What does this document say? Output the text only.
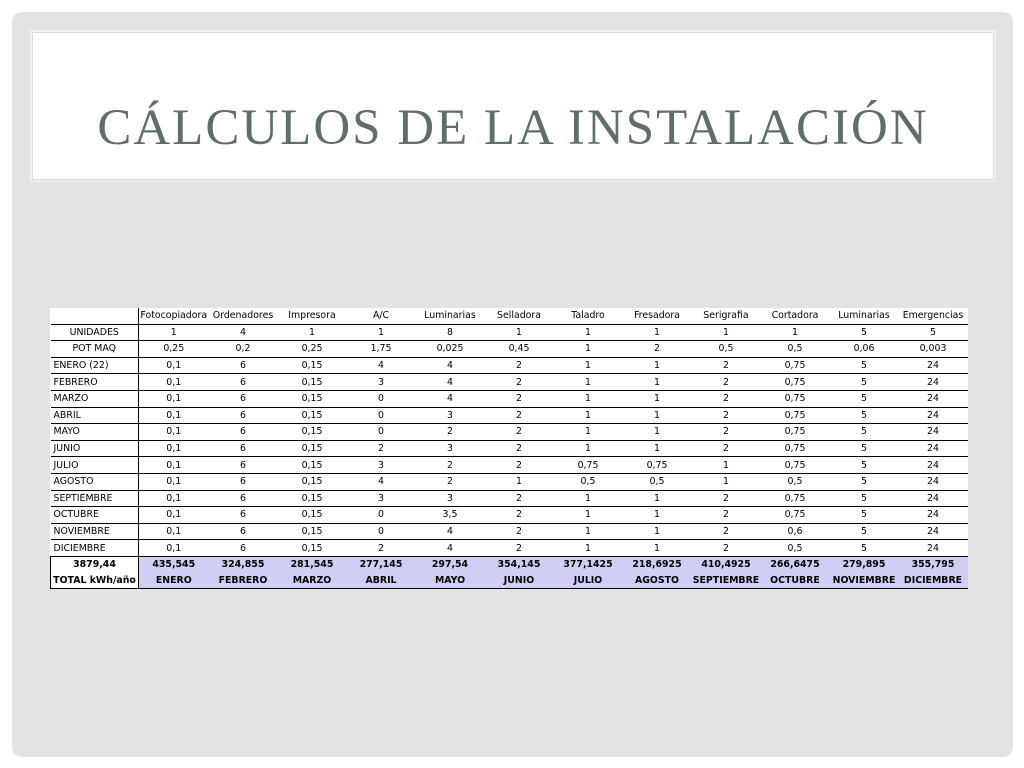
CÁLCULOS DE LA INSTALACIÓN
	Fotocopiadora	Ordenadores	Impresora	A/C	Luminarias	Selladora	Taladro	Fresadora	Serigrafia	Cortadora	Luminarias	Emergencias
UNIDADES	1	4	1	1	8	1	1	1	1	1	5	5
POT MAQ	0,25	0,2	0,25	1,75	0,025	0,45	1	2	0,5	0,5	0,06	0,003
ENERO (22)	0,1	6	0,15	4	4	2	1	1	2	0,75	5	24
FEBRERO	0,1	6	0,15	3	4	2	1	1	2	0,75	5	24
MARZO	0,1	6	0,15	0	4	2	1	1	2	0,75	5	24
ABRIL	0,1	6	0,15	0	3	2	1	1	2	0,75	5	24
MAYO	0,1	6	0,15	0	2	2	1	1	2	0,75	5	24
JUNIO	0,1	6	0,15	2	3	2	1	1	2	0,75	5	24
JULIO	0,1	6	0,15	3	2	2	0,75	0,75	1	0,75	5	24
AGOSTO	0,1	6	0,15	4	2	1	0,5	0,5	1	0,5	5	24
SEPTIEMBRE	0,1	6	0,15	3	3	2	1	1	2	0,75	5	24
OCTUBRE	0,1	6	0,15	0	3,5	2	1	1	2	0,75	5	24
NOVIEMBRE	0,1	6	0,15	0	4	2	1	1	2	0,6	5	24
DICIEMBRE	0,1	6	0,15	2	4	2	1	1	2	0,5	5	24
3879,44	435,545	324,855	281,545	277,145	297,54	354,145	377,1425	218,6925	410,4925	266,6475	279,895	355,795
TOTAL kWh/año	ENERO	FEBRERO	MARZO	ABRIL	MAYO	JUNIO	JULIO	AGOSTO	SEPTIEMBRE	OCTUBRE	NOVIEMBRE	DICIEMBRE
